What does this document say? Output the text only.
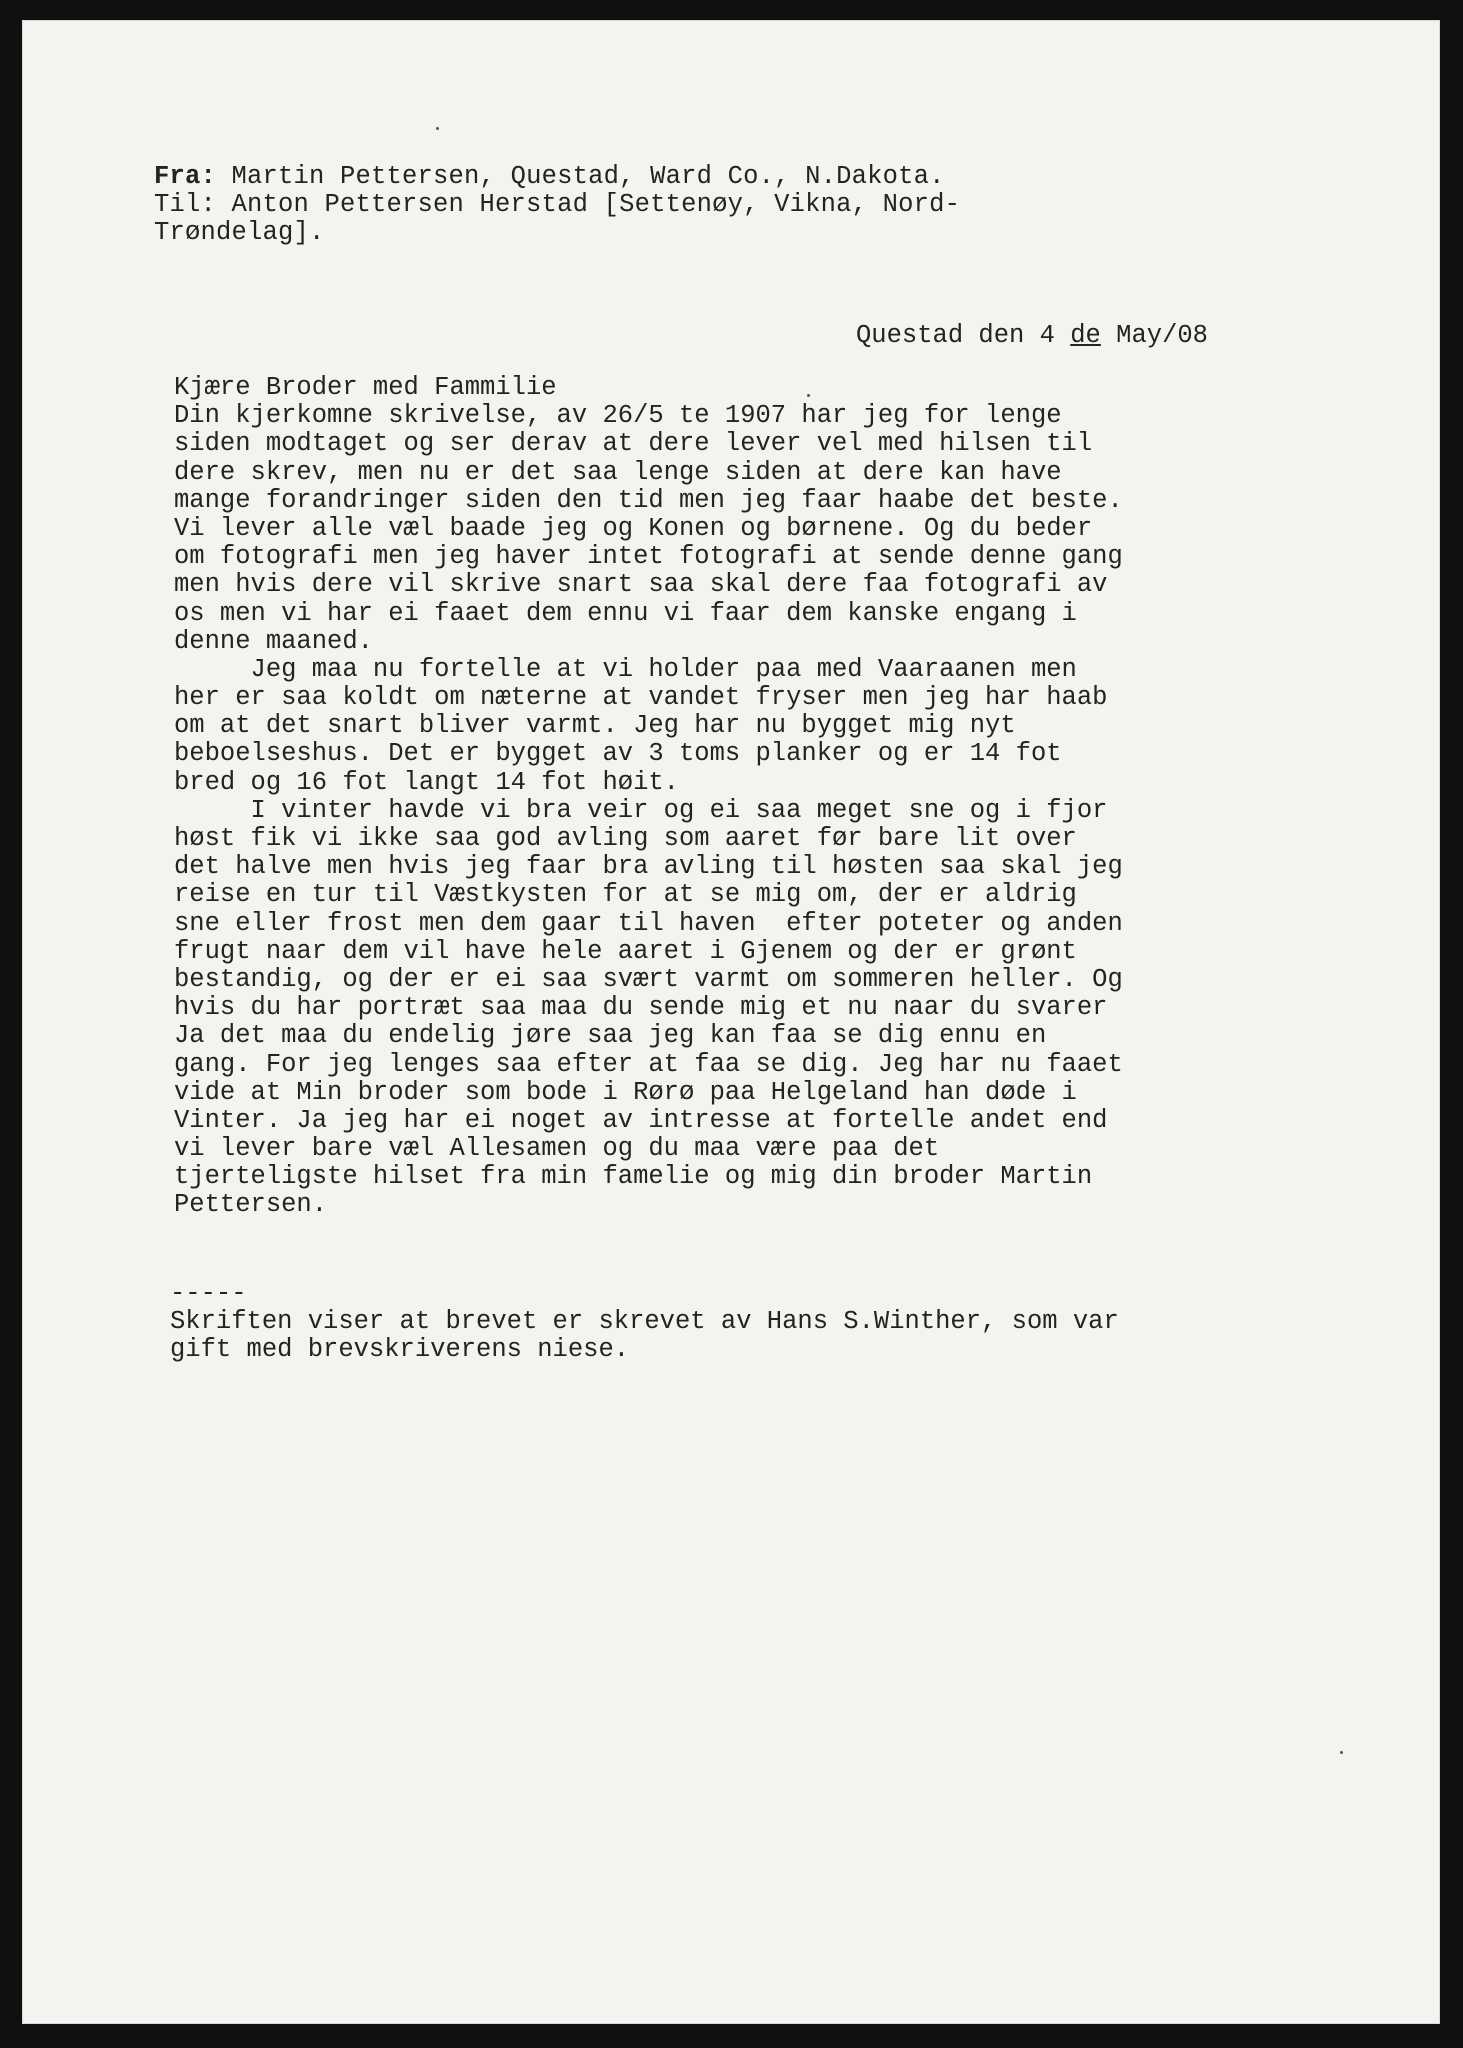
Fra: Martin Pettersen, Questad, Ward Co., N.Dakota.
Til: Anton Pettersen Herstad [Settenøy, Vikna, Nord-
Trøndelag].
Questad den 4 de May/08
Kjære Broder med Fammilie
Din kjerkomne skrivelse, av 26/5 te 1907 har jeg for lenge
siden modtaget og ser derav at dere lever vel med hilsen til
dere skrev, men nu er det saa lenge siden at dere kan have
mange forandringer siden den tid men jeg faar haabe det beste.
Vi lever alle væl baade jeg og Konen og børnene. Og du beder
om fotografi men jeg haver intet fotografi at sende denne gang
men hvis dere vil skrive snart saa skal dere faa fotografi av
os men vi har ei faaet dem ennu vi faar dem kanske engang i
denne maaned.
Jeg maa nu fortelle at vi holder paa med Vaaraanen men
her er saa koldt om næterne at vandet fryser men jeg har haab
om at det snart bliver varmt. Jeg har nu bygget mig nyt
beboelseshus. Det er bygget av 3 toms planker og er 14 fot
bred og 16 fot langt 14 fot høit.
I vinter havde vi bra veir og ei saa meget sne og i fjor
høst fik vi ikke saa god avling som aaret før bare lit over
det halve men hvis jeg faar bra avling til høsten saa skal jeg
reise en tur til Væstkysten for at se mig om, der er aldrig
sne eller frost men dem gaar til haven  efter poteter og anden
frugt naar dem vil have hele aaret i Gjenem og der er grønt
bestandig, og der er ei saa svært varmt om sommeren heller. Og
hvis du har portræt saa maa du sende mig et nu naar du svarer
Ja det maa du endelig jøre saa jeg kan faa se dig ennu en
gang. For jeg lenges saa efter at faa se dig. Jeg har nu faaet
vide at Min broder som bode i Rørø paa Helgeland han døde i
Vinter. Ja jeg har ei noget av intresse at fortelle andet end
vi lever bare væl Allesamen og du maa være paa det
tjerteligste hilset fra min famelie og mig din broder Martin
Pettersen.
-----
Skriften viser at brevet er skrevet av Hans S.Winther, som var
gift med brevskriverens niese.
